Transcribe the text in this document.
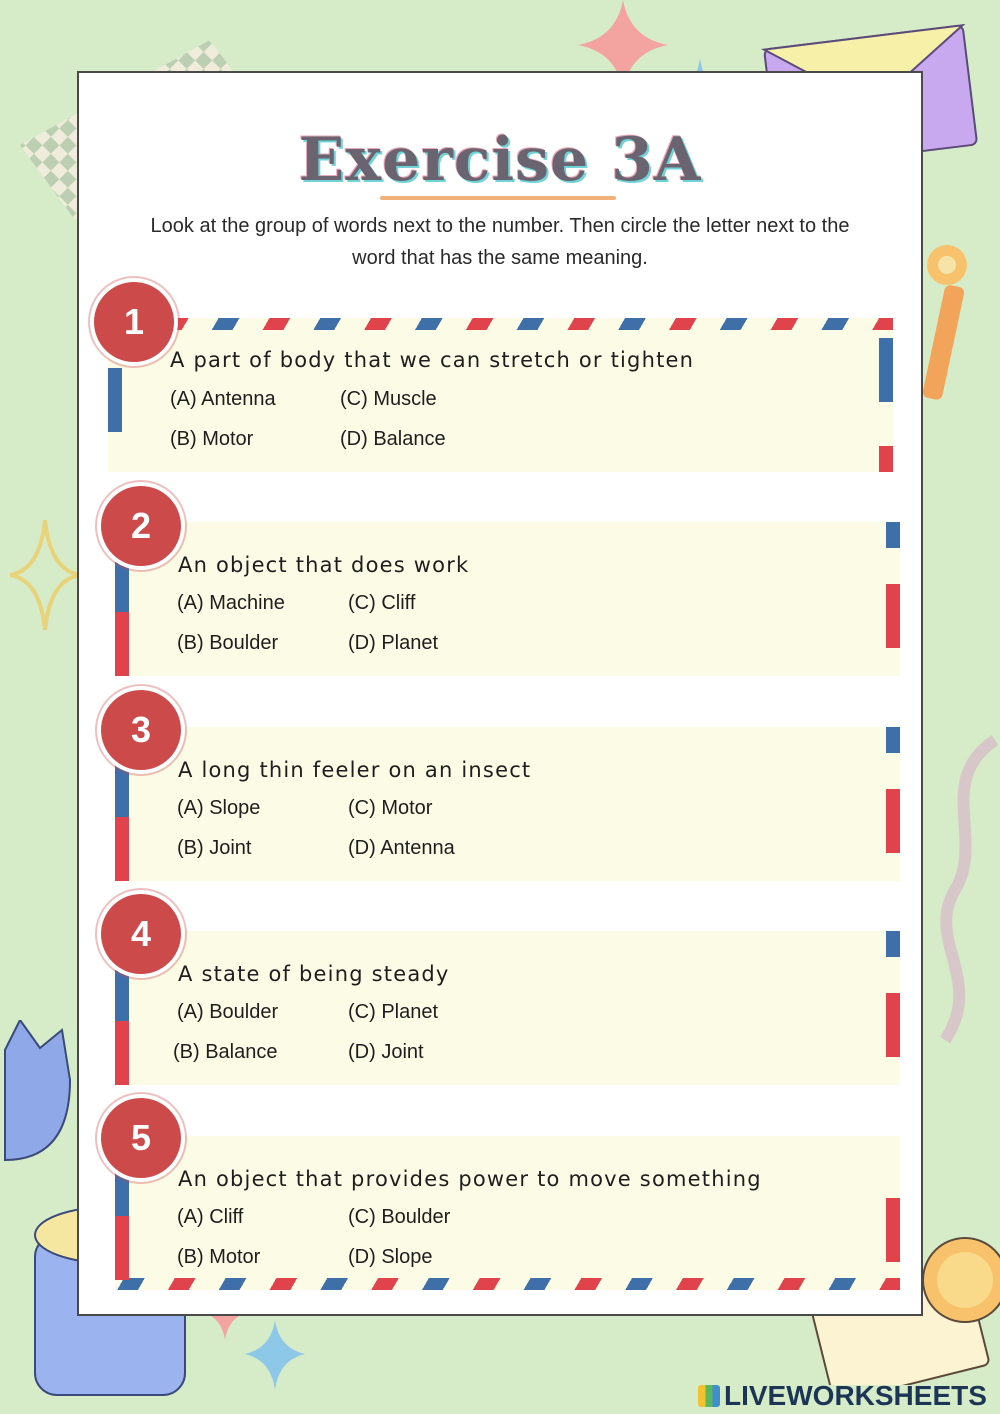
Exercise 3A

Look at the group of words next to the number. Then circle the letter next to the word that has the same meaning.

1
A part of body that we can stretch or tighten
(A) Antenna	(C) Muscle
(B) Motor	(D) Balance
2
An object that does work
(A) Machine	(C) Cliff
(B) Boulder	(D) Planet
3
A long thin feeler on an insect
(A) Slope	(C) Motor
(B) Joint	(D) Antenna
4
A state of being steady
(A) Boulder	(C) Planet
(B) Balance	(D) Joint
5
An object that provides power to move something
(A) Cliff	(C) Boulder
(B) Motor	(D) Slope
LIVEWORKSHEETS
